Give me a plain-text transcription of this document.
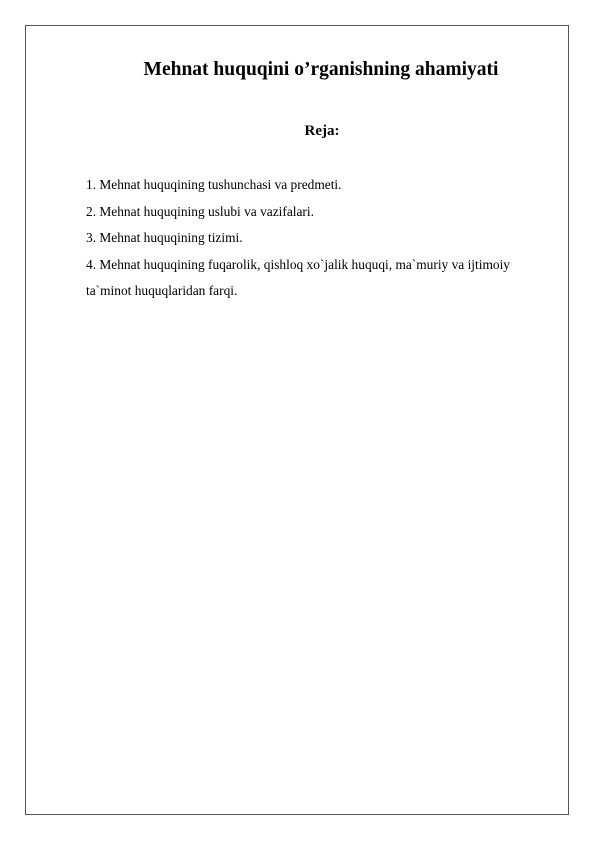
Mehnat huquqini o’rganishning ahamiyati
Reja:
1. Mehnat huquqining tushunchasi va predmeti.
2. Mehnat huquqining uslubi va vazifalari.
3. Mehnat huquqining tizimi.
4. Mehnat huquqining fuqarolik, qishloq xo`jalik huquqi, ma`muriy va ijtimoiy ta`minot huquqlaridan farqi.
